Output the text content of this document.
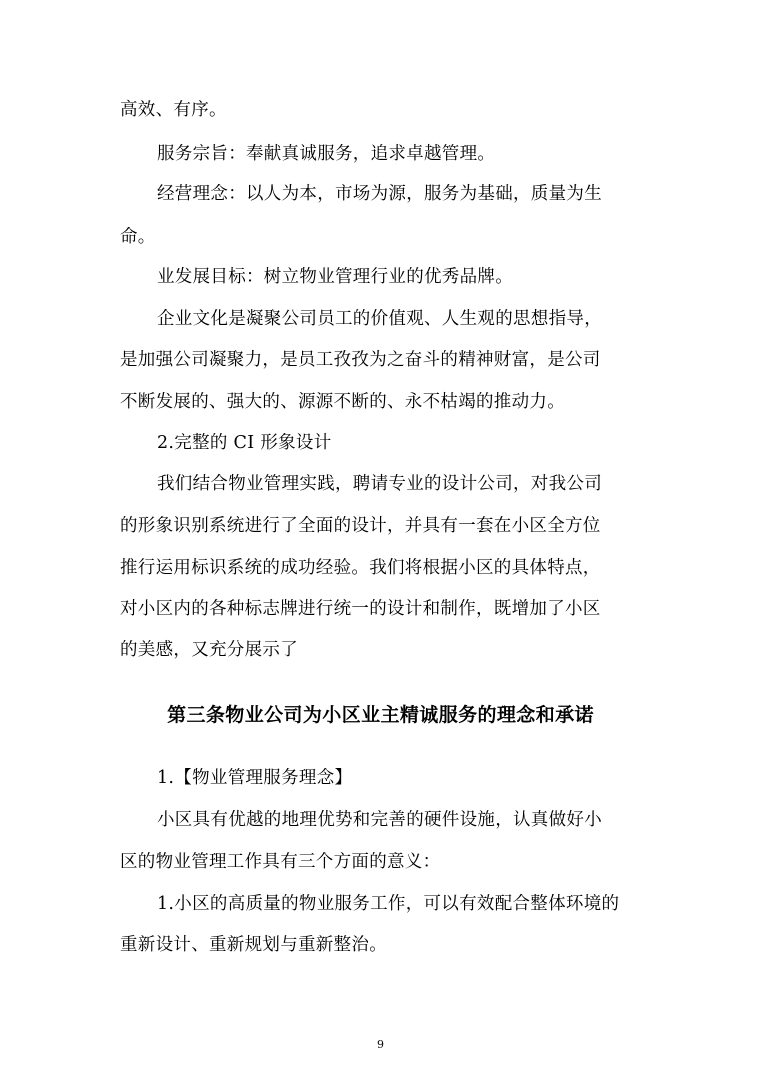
高效、有序。
服务宗旨：奉献真诚服务，追求卓越管理。
经营理念：以人为本，市场为源，服务为基础，质量为生
命。
业发展目标：树立物业管理行业的优秀品牌。
企业文化是凝聚公司员工的价值观、人生观的思想指导，
是加强公司凝聚力，是员工孜孜为之奋斗的精神财富，是公司
不断发展的、强大的、源源不断的、永不枯竭的推动力。
2.完整的 CI 形象设计
我们结合物业管理实践，聘请专业的设计公司，对我公司
的形象识别系统进行了全面的设计，并具有一套在小区全方位
推行运用标识系统的成功经验。我们将根据小区的具体特点，
对小区内的各种标志牌进行统一的设计和制作，既增加了小区
的美感，又充分展示了
第三条物业公司为小区业主精诚服务的理念和承诺
1.【物业管理服务理念】
小区具有优越的地理优势和完善的硬件设施，认真做好小
区的物业管理工作具有三个方面的意义：
1.小区的高质量的物业服务工作，可以有效配合整体环境的
重新设计、重新规划与重新整治。
9
